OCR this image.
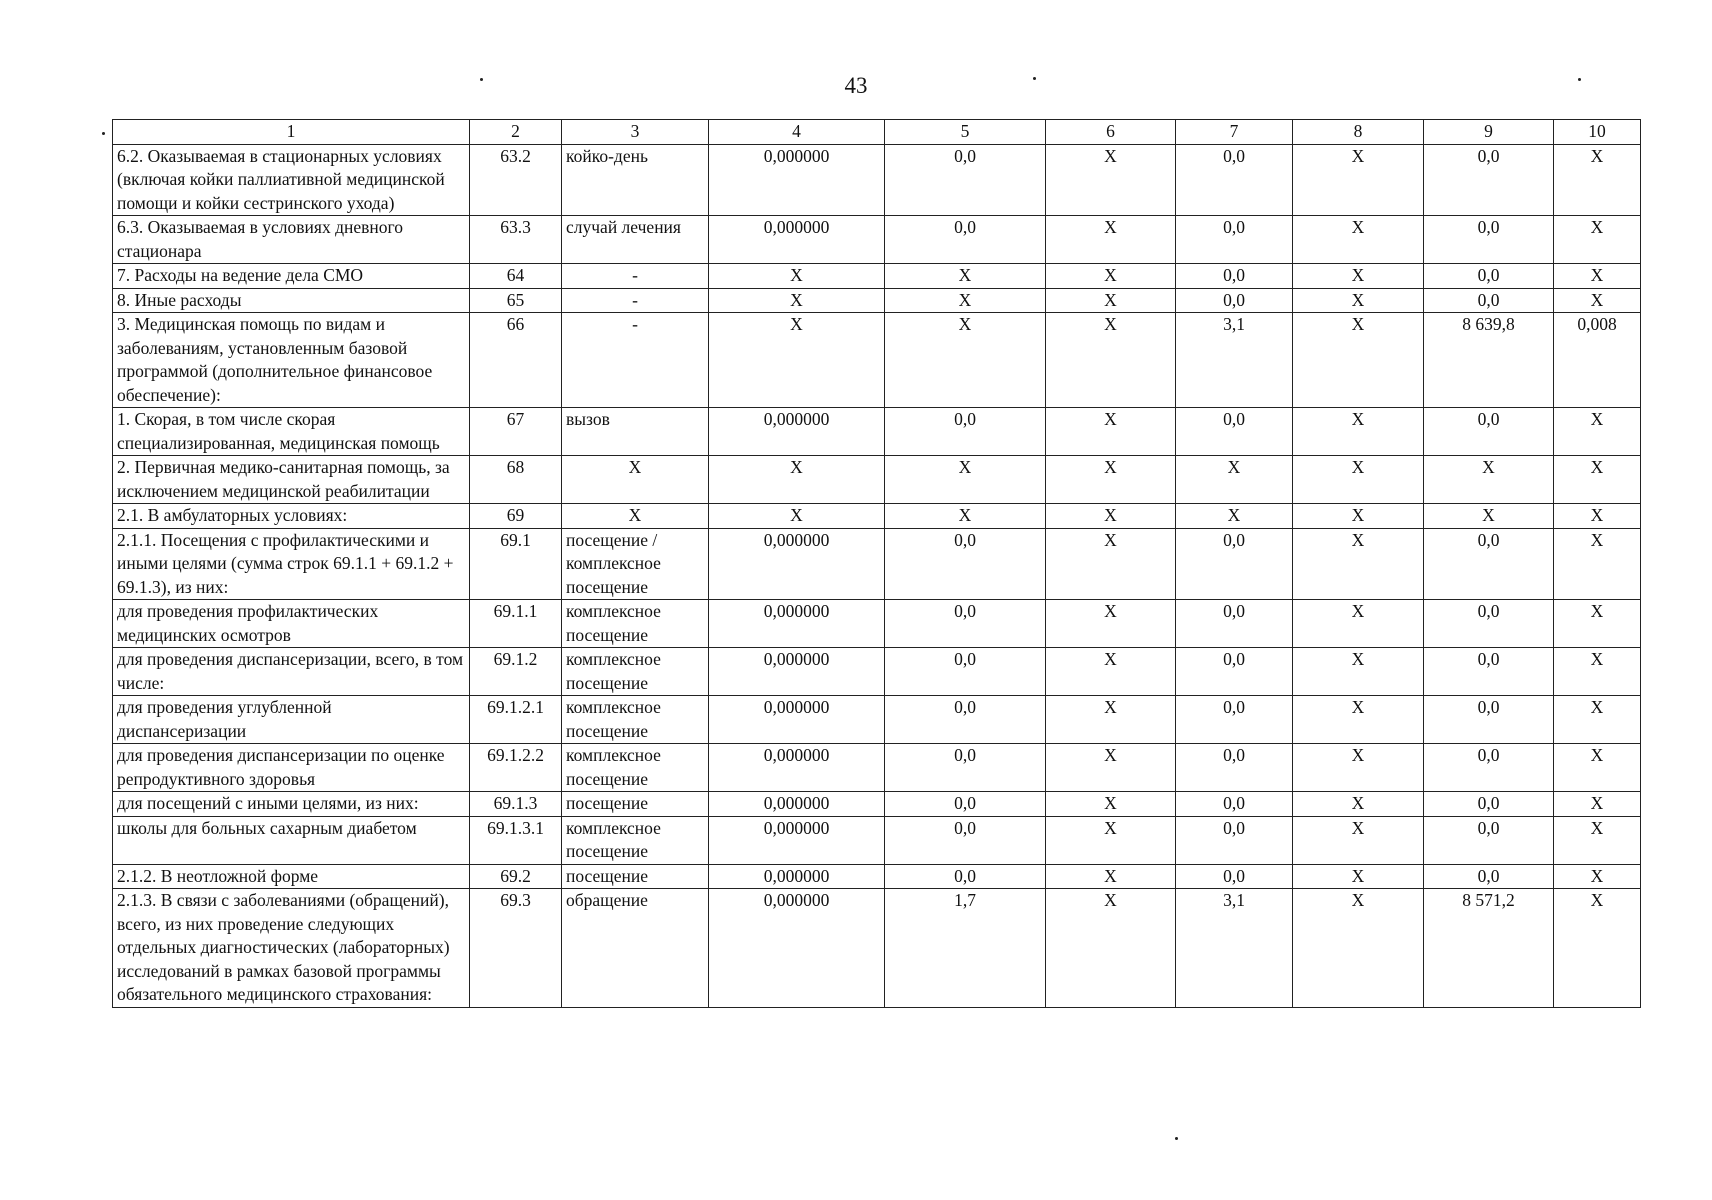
43
1	2	3	4	5	6	7	8	9	10
6.2. Оказываемая в стационарных условиях (включая койки паллиативной медицинской помощи и койки сестринского ухода)	63.2	койко-день	0,000000	0,0	Х	0,0	Х	0,0	Х
6.3. Оказываемая в условиях дневного стационара	63.3	случай лечения	0,000000	0,0	Х	0,0	Х	0,0	Х
7. Расходы на ведение дела СМО	64	-	Х	Х	Х	0,0	Х	0,0	Х
8. Иные расходы	65	-	Х	Х	Х	0,0	Х	0,0	Х
3. Медицинская помощь по видам и заболеваниям, установленным базовой программой (дополнительное финансовое обеспечение):	66	-	Х	Х	Х	3,1	Х	8 639,8	0,008
1. Скорая, в том числе скорая специализированная, медицинская помощь	67	вызов	0,000000	0,0	Х	0,0	Х	0,0	Х
2. Первичная медико-санитарная помощь, за исключением медицинской реабилитации	68	Х	Х	Х	Х	Х	Х	Х	Х
2.1. В амбулаторных условиях:	69	Х	Х	Х	Х	Х	Х	Х	Х
2.1.1. Посещения с профилактическими и иными целями (сумма строк 69.1.1 + 69.1.2 + 69.1.3), из них:	69.1	посещение / комплексное посещение	0,000000	0,0	Х	0,0	Х	0,0	Х
для проведения профилактических медицинских осмотров	69.1.1	комплексное посещение	0,000000	0,0	Х	0,0	Х	0,0	Х
для проведения диспансеризации, всего, в том числе:	69.1.2	комплексное посещение	0,000000	0,0	Х	0,0	Х	0,0	Х
для проведения углубленной диспансеризации	69.1.2.1	комплексное посещение	0,000000	0,0	Х	0,0	Х	0,0	Х
для проведения диспансеризации по оценке репродуктивного здоровья	69.1.2.2	комплексное посещение	0,000000	0,0	Х	0,0	Х	0,0	Х
для посещений с иными целями, из них:	69.1.3	посещение	0,000000	0,0	Х	0,0	Х	0,0	Х
школы для больных сахарным диабетом	69.1.3.1	комплексное посещение	0,000000	0,0	Х	0,0	Х	0,0	Х
2.1.2. В неотложной форме	69.2	посещение	0,000000	0,0	Х	0,0	Х	0,0	Х
2.1.3. В связи с заболеваниями (обращений), всего, из них проведение следующих отдельных диагностических (лабораторных) исследований в рамках базовой программы обязательного медицинского страхования:	69.3	обращение	0,000000	1,7	Х	3,1	Х	8 571,2	Х
